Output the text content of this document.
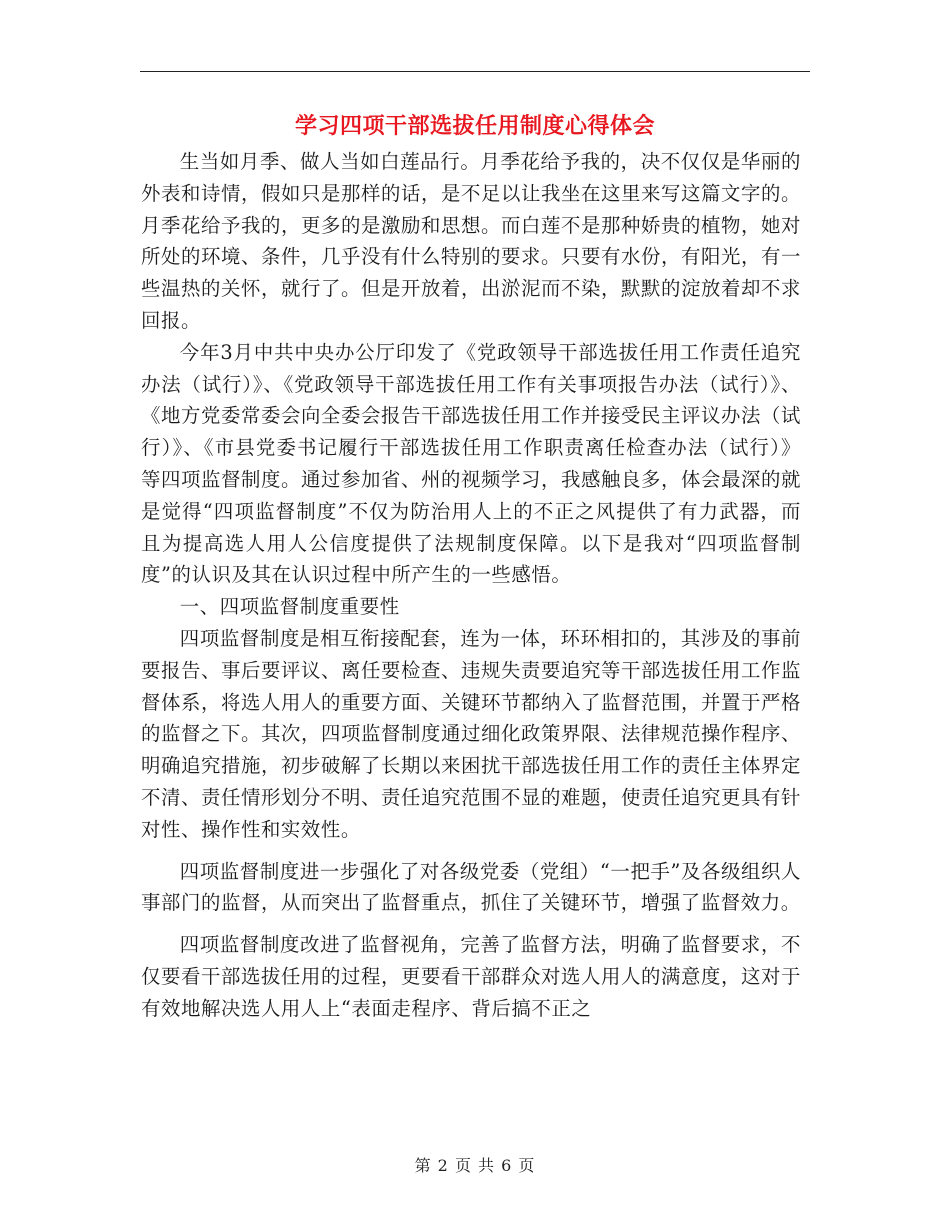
学习四项干部选拔任用制度心得体会

生当如月季、做人当如白莲品行。月季花给予我的，决不仅仅是华丽的外表和诗情，假如只是那样的话，是不足以让我坐在这里来写这篇文字的。月季花给予我的，更多的是激励和思想。而白莲不是那种娇贵的植物，她对所处的环境、条件，几乎没有什么特别的要求。只要有水份，有阳光，有一些温热的关怀，就行了。但是开放着，出淤泥而不染，默默的淀放着却不求回报。

今年3月中共中央办公厅印发了《党政领导干部选拔任用工作责任追究办法（试行）》、《党政领导干部选拔任用工作有关事项报告办法（试行）》、《地方党委常委会向全委会报告干部选拔任用工作并接受民主评议办法（试行）》、《市县党委书记履行干部选拔任用工作职责离任检查办法（试行）》等四项监督制度。通过参加省、州的视频学习，我感触良多，体会最深的就是觉得“四项监督制度”不仅为防治用人上的不正之风提供了有力武器，而且为提高选人用人公信度提供了法规制度保障。以下是我对“四项监督制度”的认识及其在认识过程中所产生的一些感悟。

一、四项监督制度重要性

四项监督制度是相互衔接配套，连为一体，环环相扣的，其涉及的事前要报告、事后要评议、离任要检查、违规失责要追究等干部选拔任用工作监督体系，将选人用人的重要方面、关键环节都纳入了监督范围，并置于严格的监督之下。其次，四项监督制度通过细化政策界限、法律规范操作程序、明确追究措施，初步破解了长期以来困扰干部选拔任用工作的责任主体界定不清、责任情形划分不明、责任追究范围不显的难题，使责任追究更具有针对性、操作性和实效性。

四项监督制度进一步强化了对各级党委（党组）“一把手”及各级组织人事部门的监督，从而突出了监督重点，抓住了关键环节，增强了监督效力。

四项监督制度改进了监督视角，完善了监督方法，明确了监督要求，不仅要看干部选拔任用的过程，更要看干部群众对选人用人的满意度，这对于有效地解决选人用人上“表面走程序、背后搞不正之

第 2 页 共 6 页
